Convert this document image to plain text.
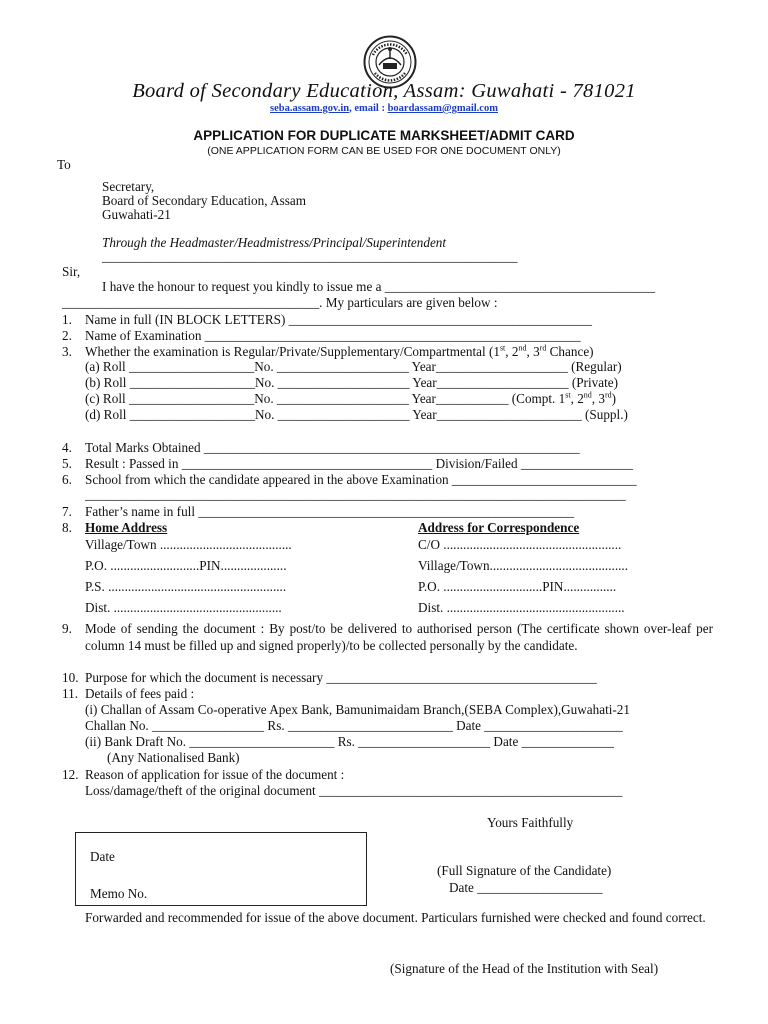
Board of Secondary Education, Assam: Guwahati - 781021
seba.assam.gov.in, email : boardassam@gmail.com
APPLICATION FOR DUPLICATE MARKSHEET/ADMIT CARD
(ONE APPLICATION FORM CAN BE USED FOR ONE DOCUMENT ONLY)
To
Secretary,
Board of Secondary Education, Assam
Guwahati-21
Through the Headmaster/Headmistress/Principal/Superintendent
_______________________________________________________________
Sir,
I have the honour to request you kindly to issue me a _________________________________________
_______________________________________. My particulars are given below :
1. Name in full (IN BLOCK LETTERS) ______________________________________________
2. Name of Examination _________________________________________________________
3. Whether the examination is Regular/Private/Supplementary/Compartmental (1st, 2nd, 3rd Chance)
(a) Roll ___________________No. ____________________ Year____________________ (Regular)
(b) Roll ___________________No. ____________________ Year____________________ (Private)
(c) Roll ___________________No. ____________________ Year___________ (Compt. 1st, 2nd, 3rd)
(d) Roll ___________________No. ____________________ Year______________________ (Suppl.)
4. Total Marks Obtained _________________________________________________________
5. Result : Passed in ______________________________________ Division/Failed _________________
6. School from which the candidate appeared in the above Examination ____________________________
__________________________________________________________________________________
7. Father’s name in full _________________________________________________________
8. Home Address	Address for Correspondence
Village/Town ........................................	C/O ......................................................
P.O. ...........................PIN....................	Village/Town..........................................
P.S. ......................................................	P.O. ..............................PIN................
Dist. ...................................................	Dist. ......................................................
9. Mode of sending the document : By post/to be delivered to authorised person (The certificate shown over-leaf per column 14 must be filled up and signed properly)/to be collected personally by the candidate.
10. Purpose for which the document is necessary _________________________________________
11. Details of fees paid :
(i) Challan of Assam Co-operative Apex Bank, Bamunimaidam Branch,(SEBA Complex),Guwahati-21
Challan No. _________________ Rs. _________________________ Date _____________________
(ii) Bank Draft No. ______________________ Rs. ____________________ Date ______________
(Any Nationalised Bank)
12. Reason of application for issue of the document :
Loss/damage/theft of the original document ______________________________________________
Yours Faithfully
Date
Memo No.
(Full Signature of the Candidate)
Date ___________________
Forwarded and recommended for issue of the above document. Particulars furnished were checked and found correct.
(Signature of the Head of the Institution with Seal)
